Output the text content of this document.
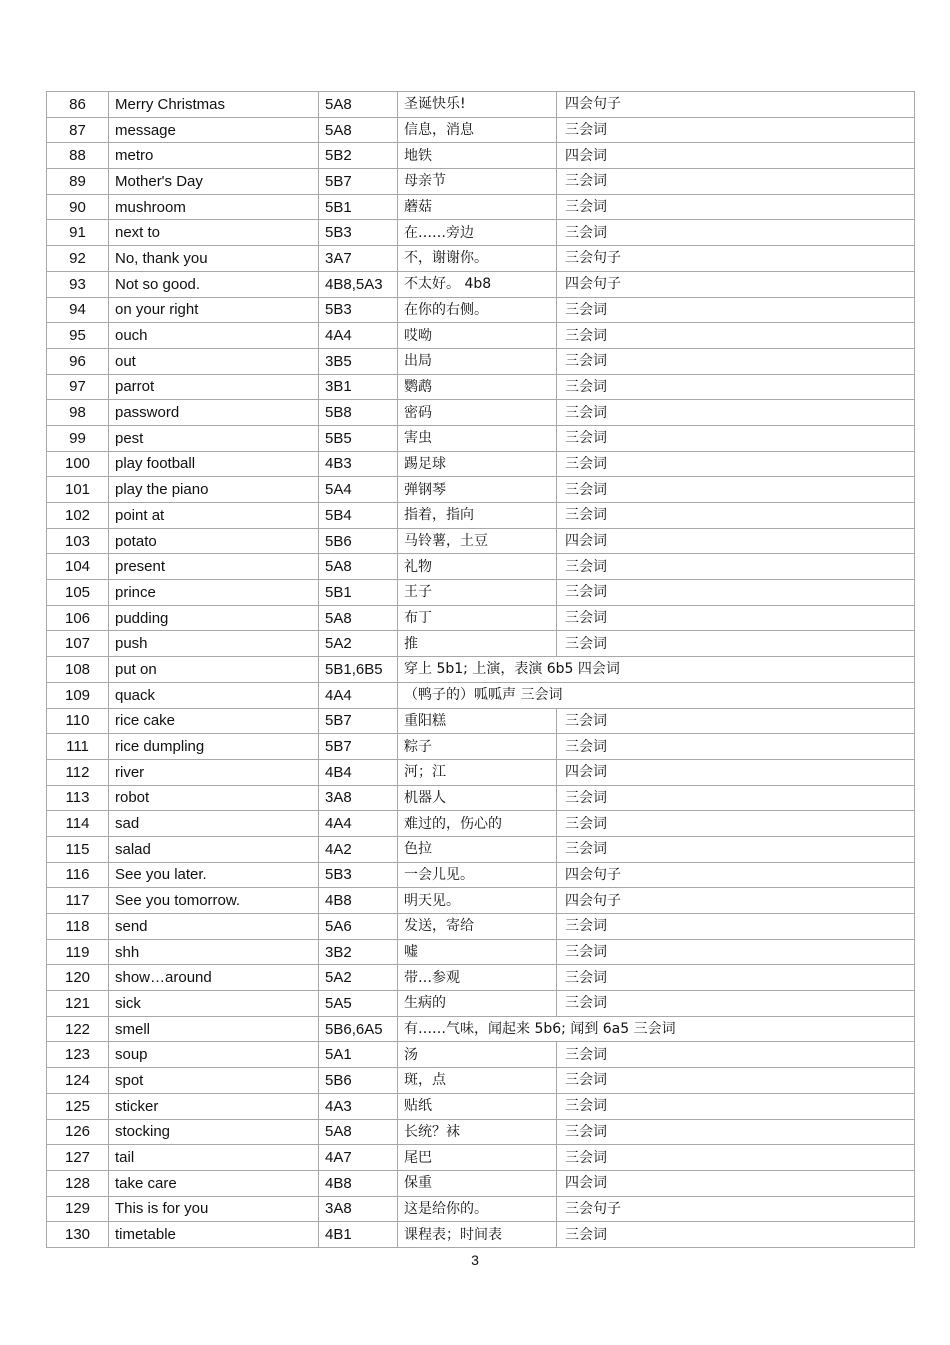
86	Merry Christmas	5A8	圣诞快乐!	四会句子
87	message	5A8	信息，消息	三会词
88	metro	5B2	地铁	四会词
89	Mother's Day	5B7	母亲节	三会词
90	mushroom	5B1	蘑菇	三会词
91	next to	5B3	在……旁边	三会词
92	No, thank you	3A7	不，谢谢你。	三会句子
93	Not so good.	4B8,5A3	不太好。 4b8	四会句子
94	on your right	5B3	在你的右侧。	三会词
95	ouch	4A4	哎呦	三会词
96	out	3B5	出局	三会词
97	parrot	3B1	鹦鹉	三会词
98	password	5B8	密码	三会词
99	pest	5B5	害虫	三会词
100	play football	4B3	踢足球	三会词
101	play the piano	5A4	弹钢琴	三会词
102	point at	5B4	指着，指向	三会词
103	potato	5B6	马铃薯，土豆	四会词
104	present	5A8	礼物	三会词
105	prince	5B1	王子	三会词
106	pudding	5A8	布丁	三会词
107	push	5A2	推	三会词
108	put on	5B1,6B5	穿上 5b1; 上演，表演 6b5 四会词	
109	quack	4A4	（鸭子的）呱呱声 三会词	
110	rice cake	5B7	重阳糕	三会词
111	rice dumpling	5B7	粽子	三会词
112	river	4B4	河；江	四会词
113	robot	3A8	机器人	三会词
114	sad	4A4	难过的，伤心的	三会词
115	salad	4A2	色拉	三会词
116	See you later.	5B3	一会儿见。	四会句子
117	See you tomorrow.	4B8	明天见。	四会句子
118	send	5A6	发送，寄给	三会词
119	shh	3B2	嘘	三会词
120	show…around	5A2	带…参观	三会词
121	sick	5A5	生病的	三会词
122	smell	5B6,6A5	有……气味，闻起来 5b6; 闻到 6a5 三会词	
123	soup	5A1	汤	三会词
124	spot	5B6	斑，点	三会词
125	sticker	4A3	贴纸	三会词
126	stocking	5A8	长统？袜	三会词
127	tail	4A7	尾巴	三会词
128	take care	4B8	保重	四会词
129	This is for you	3A8	这是给你的。	三会句子
130	timetable	4B1	课程表；时间表	三会词
3
